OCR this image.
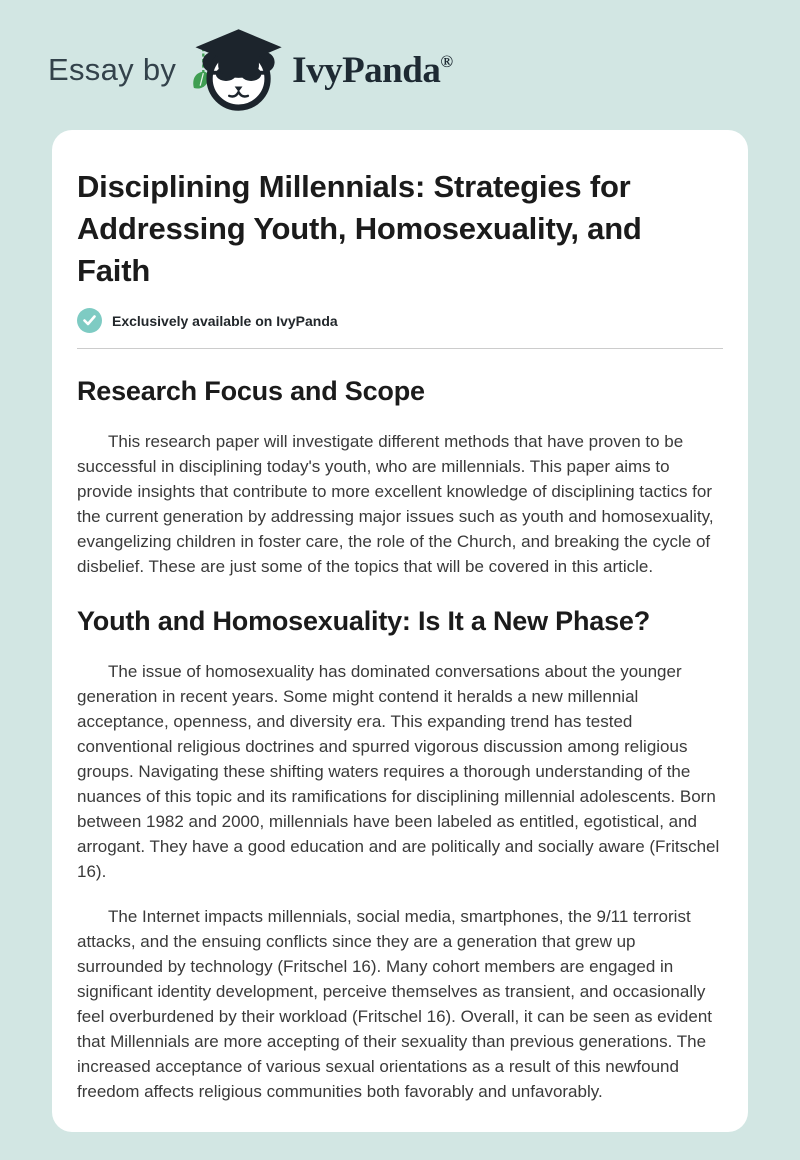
Essay by	IvyPanda ®
Disciplining Millennials: Strategies for Addressing Youth, Homosexuality, and Faith
Exclusively available on IvyPanda
Research Focus and Scope

This research paper will investigate different methods that have proven to be successful in disciplining today's youth, who are millennials. This paper aims to provide insights that contribute to more excellent knowledge of disciplining tactics for the current generation by addressing major issues such as youth and homosexuality, evangelizing children in foster care, the role of the Church, and breaking the cycle of disbelief. These are just some of the topics that will be covered in this article.

Youth and Homosexuality: Is It a New Phase?

The issue of homosexuality has dominated conversations about the younger generation in recent years. Some might contend it heralds a new millennial acceptance, openness, and diversity era. This expanding trend has tested conventional religious doctrines and spurred vigorous discussion among religious groups. Navigating these shifting waters requires a thorough understanding of the nuances of this topic and its ramifications for disciplining millennial adolescents. Born between 1982 and 2000, millennials have been labeled as entitled, egotistical, and arrogant. They have a good education and are politically and socially aware (Fritschel 16).

The Internet impacts millennials, social media, smartphones, the 9/11 terrorist attacks, and the ensuing conflicts since they are a generation that grew up surrounded by technology (Fritschel 16). Many cohort members are engaged in significant identity development, perceive themselves as transient, and occasionally feel overburdened by their workload (Fritschel 16). Overall, it can be seen as evident that Millennials are more accepting of their sexuality than previous generations. The increased acceptance of various sexual orientations as a result of this newfound freedom affects religious communities both favorably and unfavorably.
